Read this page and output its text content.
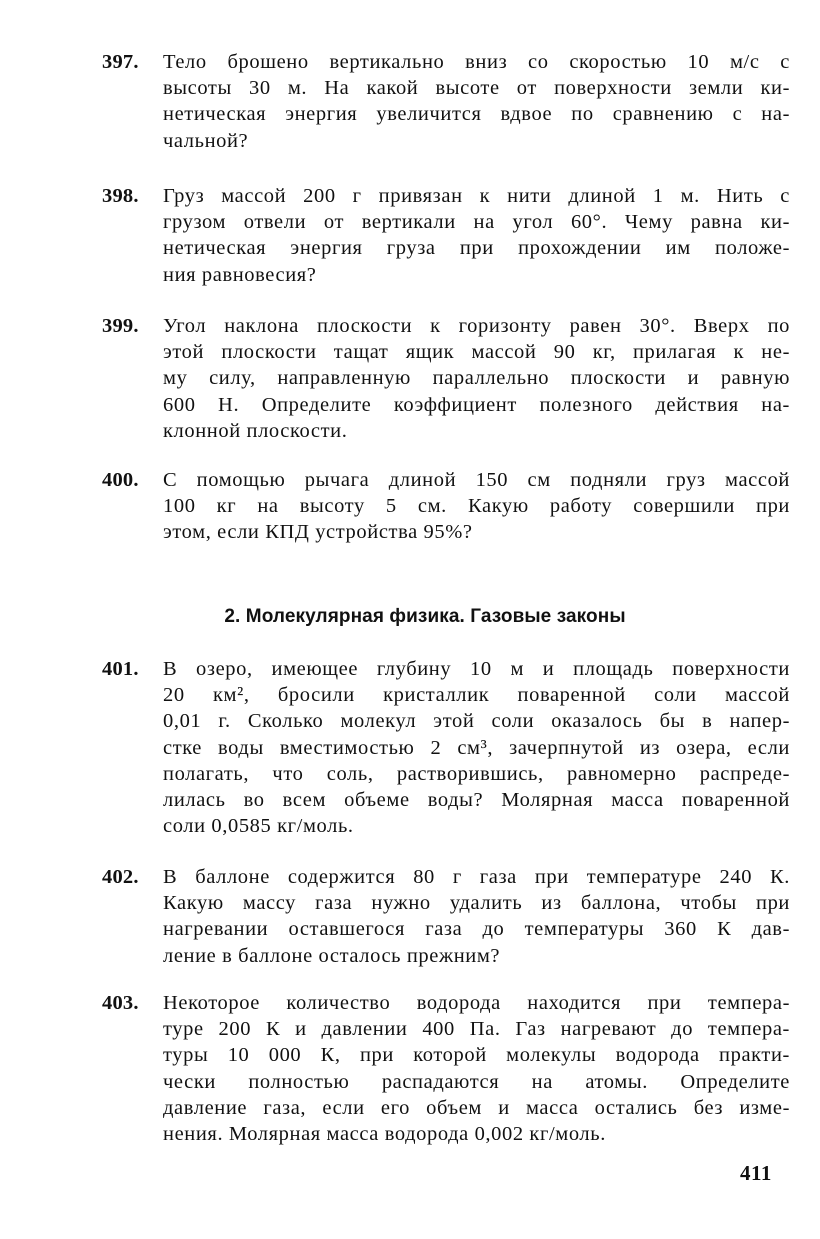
397. Тело брошено вертикально вниз со скоростью 10 м/с с
высоты 30 м. На какой высоте от поверхности земли ки-
нетическая энергия увеличится вдвое по сравнению с на-
чальной?
398. Груз массой 200 г привязан к нити длиной 1 м. Нить с
грузом отвели от вертикали на угол 60°. Чему равна ки-
нетическая энергия груза при прохождении им положе-
ния равновесия?
399. Угол наклона плоскости к горизонту равен 30°. Вверх по
этой плоскости тащат ящик массой 90 кг, прилагая к не-
му силу, направленную параллельно плоскости и равную
600 Н. Определите коэффициент полезного действия на-
клонной плоскости.
400. С помощью рычага длиной 150 см подняли груз массой
100 кг на высоту 5 см. Какую работу совершили при
этом, если КПД устройства 95%?
2. Молекулярная физика. Газовые законы
401. В озеро, имеющее глубину 10 м и площадь поверхности
20 км², бросили кристаллик поваренной соли массой
0,01 г. Сколько молекул этой соли оказалось бы в напер-
стке воды вместимостью 2 см³, зачерпнутой из озера, если
полагать, что соль, растворившись, равномерно распреде-
лилась во всем объеме воды? Молярная масса поваренной
соли 0,0585 кг/моль.
402. В баллоне содержится 80 г газа при температуре 240 К.
Какую массу газа нужно удалить из баллона, чтобы при
нагревании оставшегося газа до температуры 360 К дав-
ление в баллоне осталось прежним?
403. Некоторое количество водорода находится при темпера-
туре 200 К и давлении 400 Па. Газ нагревают до темпера-
туры 10 000 К, при которой молекулы водорода практи-
чески полностью распадаются на атомы. Определите
давление газа, если его объем и масса остались без изме-
нения. Молярная масса водорода 0,002 кг/моль.
411
